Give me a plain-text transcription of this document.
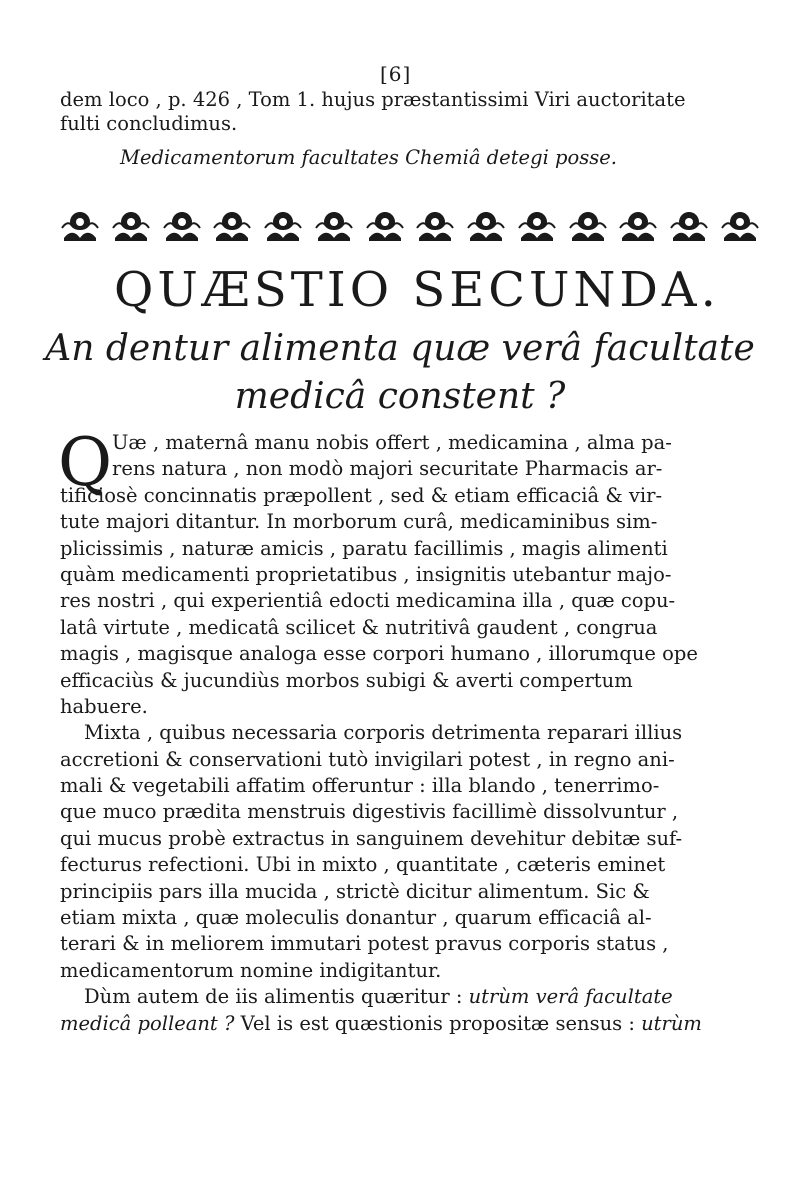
[6]
dem loco , p. 426 , Tom 1. hujus præstantissimi Viri auctoritate
fulti concludimus.
Medicamentorum facultates Chemiâ detegi posse.
QUÆSTIO SECUNDA.
An dentur alimenta quæ verâ facultate
medicâ constent ?
Q Uæ , maternâ manu nobis offert , medicamina , alma pa-
rens natura , non modò majori securitate Pharmacis ar-
tificiosè concinnatis præpollent , sed & etiam efficaciâ & vir-
tute majori ditantur. In morborum curâ, medicaminibus sim-
plicissimis , naturæ amicis , paratu facillimis , magis alimenti
quàm medicamenti proprietatibus , insignitis utebantur majo-
res nostri , qui experientiâ edocti medicamina illa , quæ copu-
latâ virtute , medicatâ scilicet & nutritivâ gaudent , congrua
magis , magisque analoga esse corpori humano , illorumque ope
efficaciùs & jucundiùs morbos subigi & averti compertum
habuere.
Mixta , quibus necessaria corporis detrimenta reparari illius
accretioni & conservationi tutò invigilari potest , in regno ani-
mali & vegetabili affatim offeruntur : illa blando , tenerrimo-
que muco prædita menstruis digestivis facillimè dissolvuntur ,
qui mucus probè extractus in sanguinem devehitur debitæ suf-
fecturus refectioni. Ubi in mixto , quantitate , cæteris eminet
principiis pars illa mucida , strictè dicitur alimentum. Sic &
etiam mixta , quæ moleculis donantur , quarum efficaciâ al-
terari & in meliorem immutari potest pravus corporis status ,
medicamentorum nomine indigitantur.
Dùm autem de iis alimentis quæritur : utrùm verâ facultate
medicâ polleant ? Vel is est quæstionis propositæ sensus : utrùm
